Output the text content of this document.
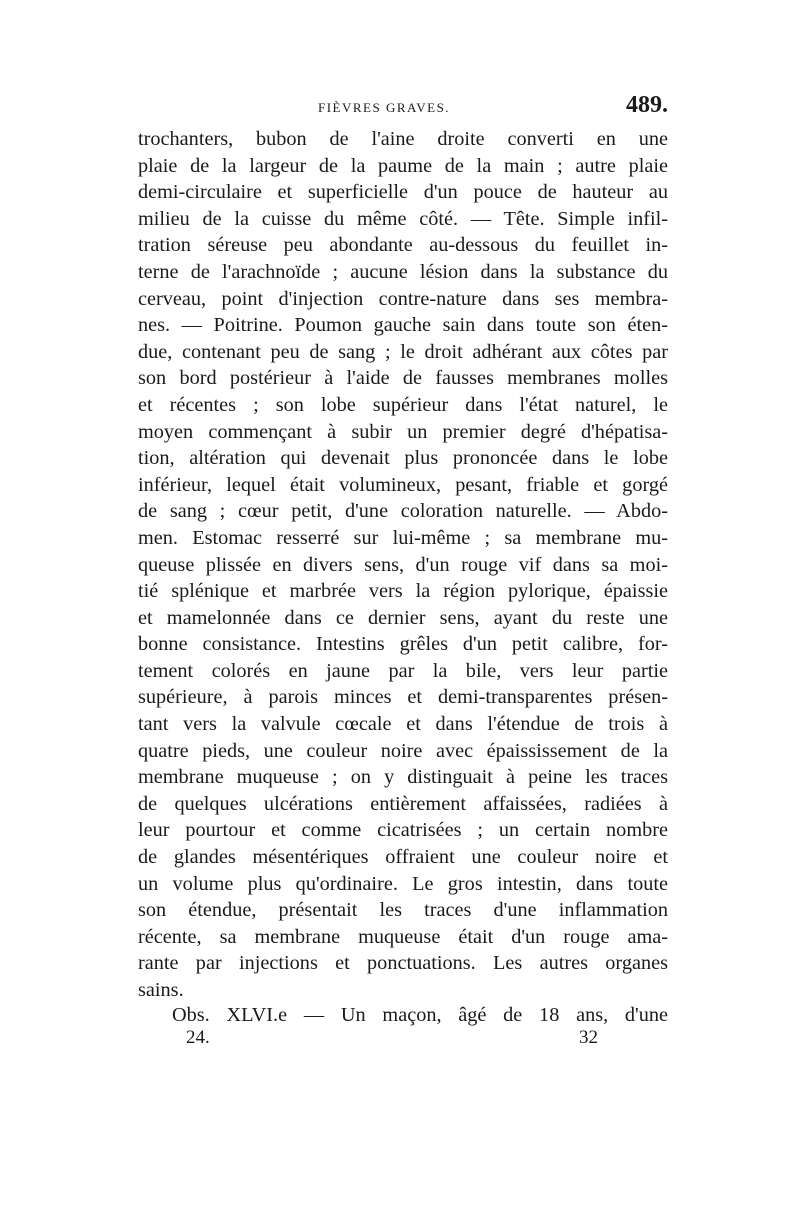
FIÈVRES GRAVES.	489.
trochanters, bubon de l'aine droite converti en une
plaie de la largeur de la paume de la main ; autre plaie
demi-circulaire et superficielle d'un pouce de hauteur au
milieu de la cuisse du même côté. — Tête. Simple infil-
tration séreuse peu abondante au-dessous du feuillet in-
terne de l'arachnoïde ; aucune lésion dans la substance du
cerveau, point d'injection contre-nature dans ses membra-
nes. — Poitrine. Poumon gauche sain dans toute son éten-
due, contenant peu de sang ; le droit adhérant aux côtes par
son bord postérieur à l'aide de fausses membranes molles
et récentes ; son lobe supérieur dans l'état naturel, le
moyen commençant à subir un premier degré d'hépatisa-
tion, altération qui devenait plus prononcée dans le lobe
inférieur, lequel était volumineux, pesant, friable et gorgé
de sang ; cœur petit, d'une coloration naturelle. — Abdo-
men. Estomac resserré sur lui-même ; sa membrane mu-
queuse plissée en divers sens, d'un rouge vif dans sa moi-
tié splénique et marbrée vers la région pylorique, épaissie
et mamelonnée dans ce dernier sens, ayant du reste une
bonne consistance. Intestins grêles d'un petit calibre, for-
tement colorés en jaune par la bile, vers leur partie
supérieure, à parois minces et demi-transparentes présen-
tant vers la valvule cœcale et dans l'étendue de trois à
quatre pieds, une couleur noire avec épaississement de la
membrane muqueuse ; on y distinguait à peine les traces
de quelques ulcérations entièrement affaissées, radiées à
leur pourtour et comme cicatrisées ; un certain nombre
de glandes mésentériques offraient une couleur noire et
un volume plus qu'ordinaire. Le gros intestin, dans toute
son étendue, présentait les traces d'une inflammation
récente, sa membrane muqueuse était d'un rouge ama-
rante par injections et ponctuations. Les autres organes
sains.
Obs. XLVI.e — Un maçon, âgé de 18 ans, d'une
24.	32
